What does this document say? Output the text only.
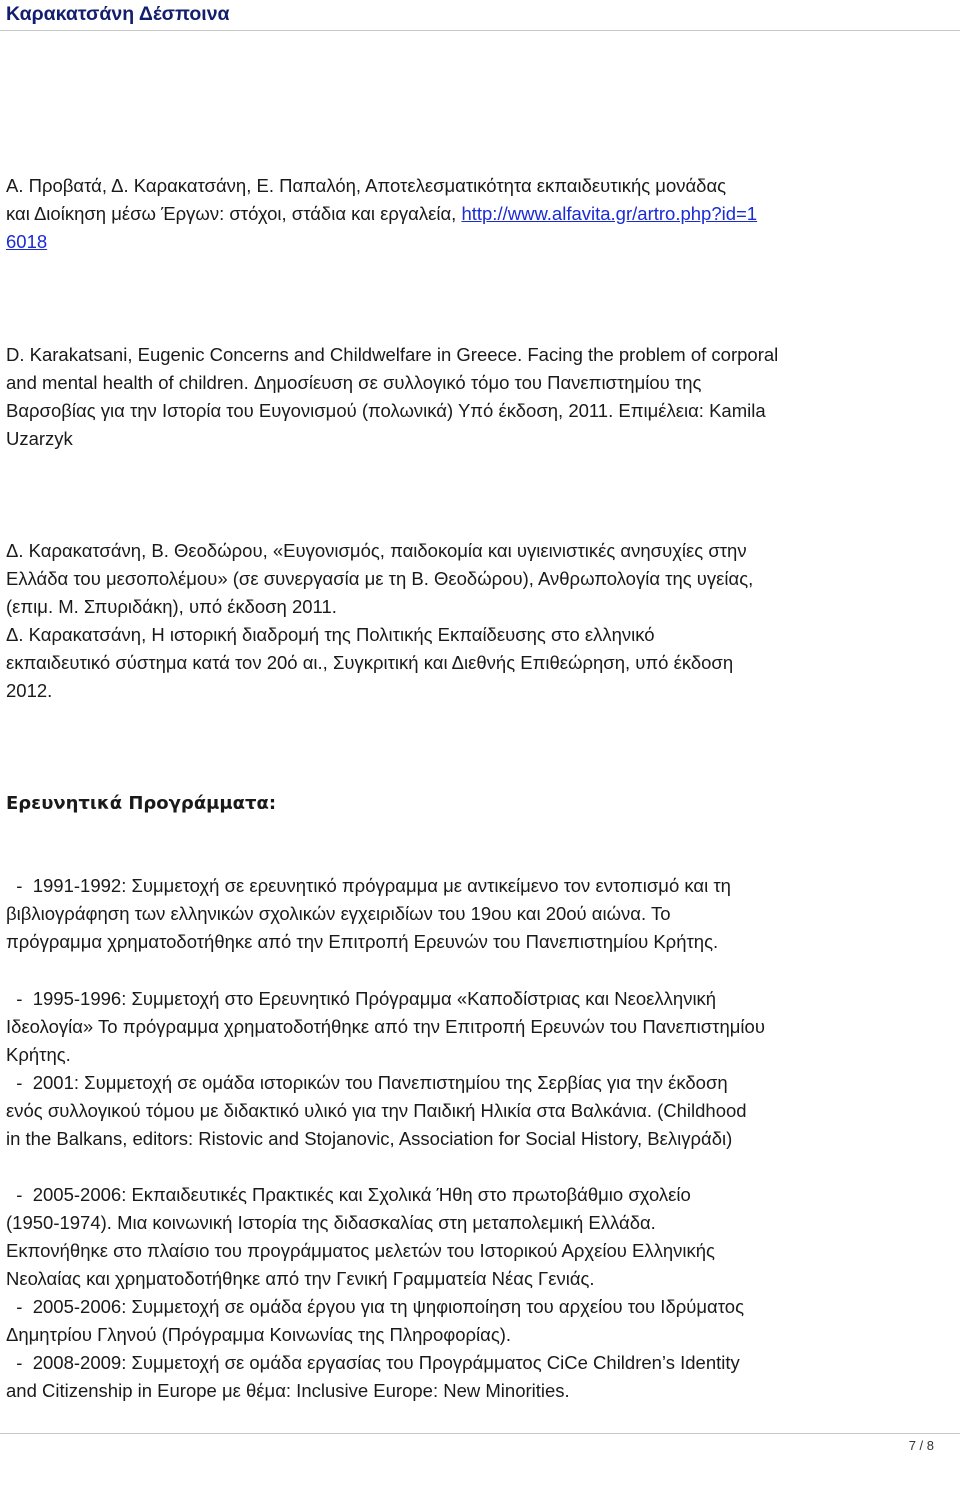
Καρακατσάνη Δέσποινα
Α. Προβατά, Δ. Καρακατσάνη, Ε. Παπαλόη, Αποτελεσματικότητα εκπαιδευτικής μονάδας
και Διοίκηση μέσω Έργων: στόχοι, στάδια και εργαλεία, http://www.alfavita.gr/artro.php?id=1
6018
D. Karakatsani, Eugenic Concerns and Childwelfare in Greece. Facing the problem of corporal
and mental health of children. Δημοσίευση σε συλλογικό τόμο του Πανεπιστημίου της
Βαρσοβίας για την Ιστορία του Ευγονισμού (πολωνικά) Υπό έκδοση, 2011. Επιμέλεια: Kamila
Uzarzyk
Δ. Καρακατσάνη, Β. Θεοδώρου, «Ευγονισμός, παιδοκομία και υγιεινιστικές ανησυχίες στην
Ελλάδα του μεσοπολέμου» (σε συνεργασία με τη Β. Θεοδώρου), Ανθρωπολογία της υγείας,
(επιμ. Μ. Σπυριδάκη), υπό έκδοση 2011.
Δ. Καρακατσάνη, Η ιστορική διαδρομή της Πολιτικής Εκπαίδευσης στο ελληνικό
εκπαιδευτικό σύστημα κατά τον 20ό αι., Συγκριτική και Διεθνής Επιθεώρηση, υπό έκδοση
2012.
Ερευνητικά Προγράμματα:
-  1991-1992: Συμμετοχή σε ερευνητικό πρόγραμμα με αντικείμενο τον εντοπισμό και τη
βιβλιογράφηση των ελληνικών σχολικών εγχειριδίων του 19ου και 20ού αιώνα. Το
πρόγραμμα χρηματοδοτήθηκε από την Επιτροπή Ερευνών του Πανεπιστημίου Κρήτης.
-  1995-1996: Συμμετοχή στο Ερευνητικό Πρόγραμμα «Καποδίστριας και Νεοελληνική
Ιδεολογία» Το πρόγραμμα χρηματοδοτήθηκε από την Επιτροπή Ερευνών του Πανεπιστημίου
Κρήτης.
-  2001: Συμμετοχή σε ομάδα ιστορικών του Πανεπιστημίου της Σερβίας για την έκδοση
ενός συλλογικού τόμου με διδακτικό υλικό για την Παιδική Ηλικία στα Βαλκάνια. (Childhood
in the Balkans, editors: Ristovic and Stojanovic, Association for Social History, Βελιγράδι)
-  2005-2006: Εκπαιδευτικές Πρακτικές και Σχολικά Ήθη στο πρωτοβάθμιο σχολείο
(1950-1974). Μια κοινωνική Ιστορία της διδασκαλίας στη μεταπολεμική Ελλάδα.
Εκπονήθηκε στο πλαίσιο του προγράμματος μελετών του Ιστορικού Αρχείου Ελληνικής
Νεολαίας και χρηματοδοτήθηκε από την Γενική Γραμματεία Νέας Γενιάς.
-  2005-2006: Συμμετοχή σε ομάδα έργου για τη ψηφιοποίηση του αρχείου του Ιδρύματος
Δημητρίου Γληνού (Πρόγραμμα Κοινωνίας της Πληροφορίας).
-  2008-2009: Συμμετοχή σε ομάδα εργασίας του Προγράμματος CiCe Children’s Identity
and Citizenship in Europe με θέμα: Inclusive Europe: New Minorities.
7 / 8
